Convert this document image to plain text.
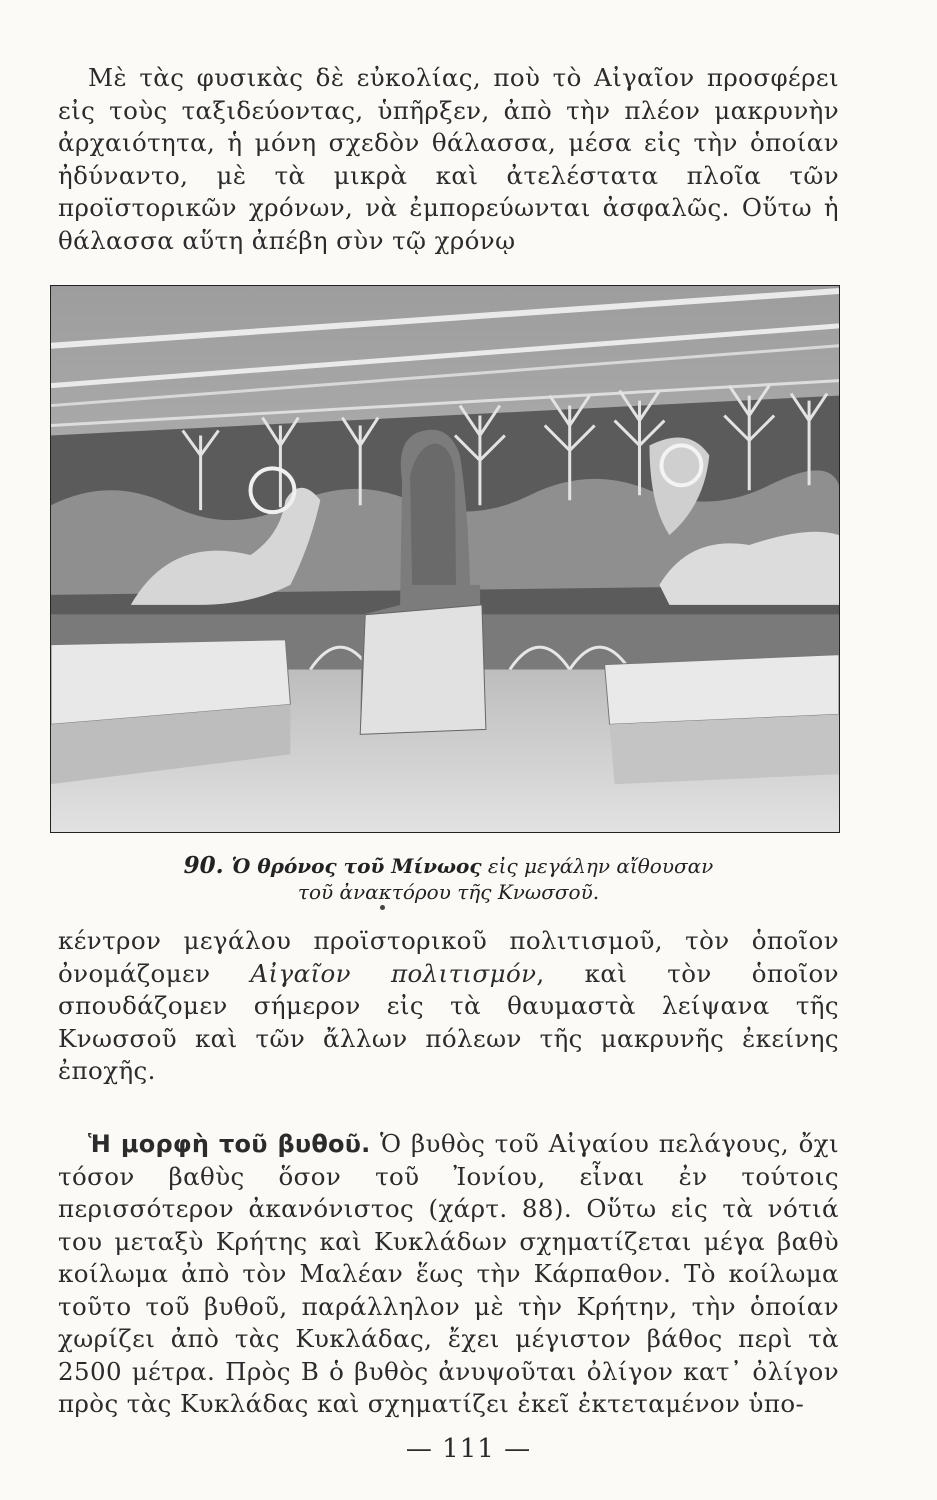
Μὲ τὰς φυσικὰς δὲ εὐκολίας, ποὺ τὸ Αἰγαῖον προσφέρει εἰς τοὺς ταξιδεύοντας, ὑπῆρξεν, ἀπὸ τὴν πλέον μακρυνὴν ἀρχαιότητα, ἡ μόνη σχεδὸν θάλασσα, μέσα εἰς τὴν ὁποίαν ἠδύναντο, μὲ τὰ μικρὰ καὶ ἀτελέστατα πλοῖα τῶν προϊστορικῶν χρόνων, νὰ ἐμπορεύωνται ἀσφαλῶς. Οὕτω ἡ θάλασσα αὕτη ἀπέβη σὺν τῷ χρόνῳ
90. Ὁ θρόνος τοῦ Μίνωος εἰς μεγάλην αἴθουσαν
τοῦ ἀνακτόρου τῆς Κνωσσοῦ.
κέντρον μεγάλου προϊστορικοῦ πολιτισμοῦ, τὸν ὁποῖον ὀνομάζομεν Αἰγαῖον πολιτισμόν, καὶ τὸν ὁποῖον σπουδάζομεν σήμερον εἰς τὰ θαυμαστὰ λείψανα τῆς Κνωσσοῦ καὶ τῶν ἄλλων πόλεων τῆς μακρυνῆς ἐκείνης ἐποχῆς.
Ἡ μορφὴ τοῦ βυθοῦ. Ὁ βυθὸς τοῦ Αἰγαίου πελάγους, ὄχι τόσον βαθὺς ὅσον τοῦ Ἰονίου, εἶναι ἐν τούτοις περισσότερον ἀκανόνιστος (χάρτ. 88). Οὕτω εἰς τὰ νότιά του μεταξὺ Κρήτης καὶ Κυκλάδων σχηματίζεται μέγα βαθὺ κοίλωμα ἀπὸ τὸν Μαλέαν ἕως τὴν Κάρπαθον. Τὸ κοίλωμα τοῦτο τοῦ βυθοῦ, παράλληλον μὲ τὴν Κρήτην, τὴν ὁποίαν χωρίζει ἀπὸ τὰς Κυκλάδας, ἔχει μέγιστον βάθος περὶ τὰ 2500 μέτρα. Πρὸς Β ὁ βυθὸς ἀνυψοῦται ὀλίγον κατ᾿ ὀλίγον πρὸς τὰς Κυκλάδας καὶ σχηματίζει ἐκεῖ ἐκτεταμένον ὑπο-
— 111 —
